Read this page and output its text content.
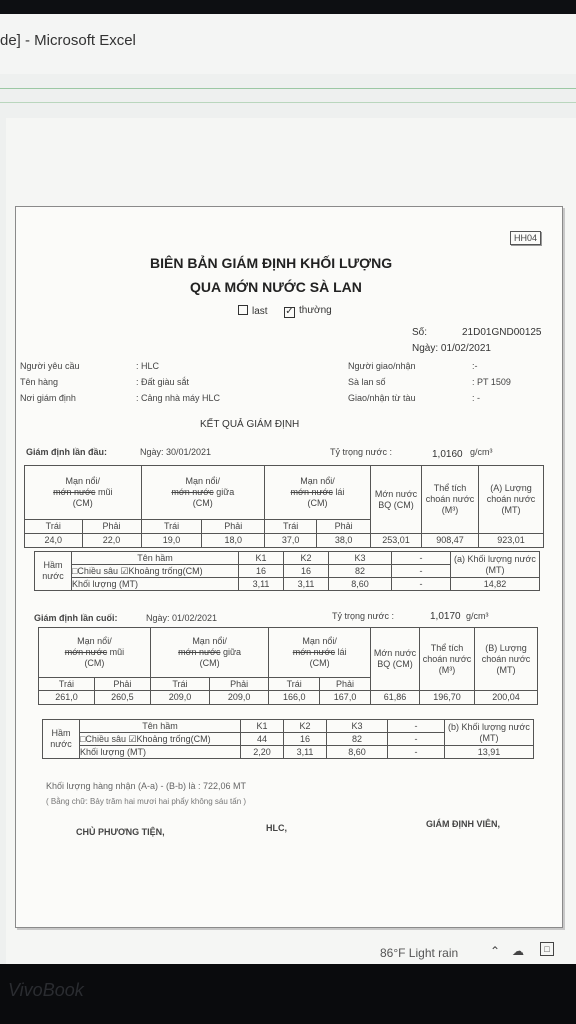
de] - Microsoft Excel
HH04
BIÊN BẢN GIÁM ĐỊNH KHỐI LƯỢNG
QUA MỚN NƯỚC SÀ LAN
last ✓ thường
Số:	21D01GND00125
Ngày: 01/02/2021
Người yêu cầu	: HLC
Tên hàng	: Đất giàu sắt
Nơi giám định	: Cảng nhà máy HLC
Người giao/nhận	:-
Sà lan số	: PT 1509
Giao/nhận từ tàu	: -
KẾT QUẢ GIÁM ĐỊNH
Giám định lần đầu:	Ngày: 30/01/2021	Tỷ trọng nước :	1,0160 g/cm³
Mạn nổi/
mớn nước mũi
(CM)		Mạn nổi/
mớn nước giữa
(CM)		Mạn nổi/
mớn nước lái
(CM)		Mớn nước BQ (CM)	Thể tích choán nước
(M³)	(A) Lượng choán nước (MT)
Trái	Phải	Trái	Phải	Trái	Phải			
24,0	22,0	19,0	18,0	37,0	38,0	253,01	908,47	923,01
Hầm nước	Tên hầm	K1	K2	K3	-	(a) Khối lượng nước (MT)
	□Chiều sâu ☑Khoảng trống(CM)	16	16	82	-	
	Khối lượng (MT)	3,11	3,11	8,60	-	14,82
Giám định lần cuối:	Ngày: 01/02/2021	Tỷ trọng nước :	1,0170 g/cm³
Mạn nổi/
mớn nước mũi
(CM)		Mạn nổi/
mớn nước giữa
(CM)		Mạn nổi/
mớn nước lái
(CM)		Mớn nước BQ (CM)	Thể tích choán nước
(M³)	(B) Lượng choán nước (MT)
Trái	Phải	Trái	Phải	Trái	Phải			
261,0	260,5	209,0	209,0	166,0	167,0	61,86	196,70	200,04
Hầm nước	Tên hầm	K1	K2	K3	-	(b) Khối lượng nước (MT)
	□Chiều sâu ☑Khoảng trống(CM)	44	16	82	-	
	Khối lượng (MT)	2,20	3,11	8,60	-	13,91
Khối lượng hàng nhận (A-a) - (B-b) là : 722,06 MT
( Bằng chữ: Bảy trăm hai mươi hai phẩy không sáu tấn )
CHỦ PHƯƠNG TIỆN,	HLC,	GIÁM ĐỊNH VIÊN,
86°F Light rain	⌃ ☁	□
VivoBook
